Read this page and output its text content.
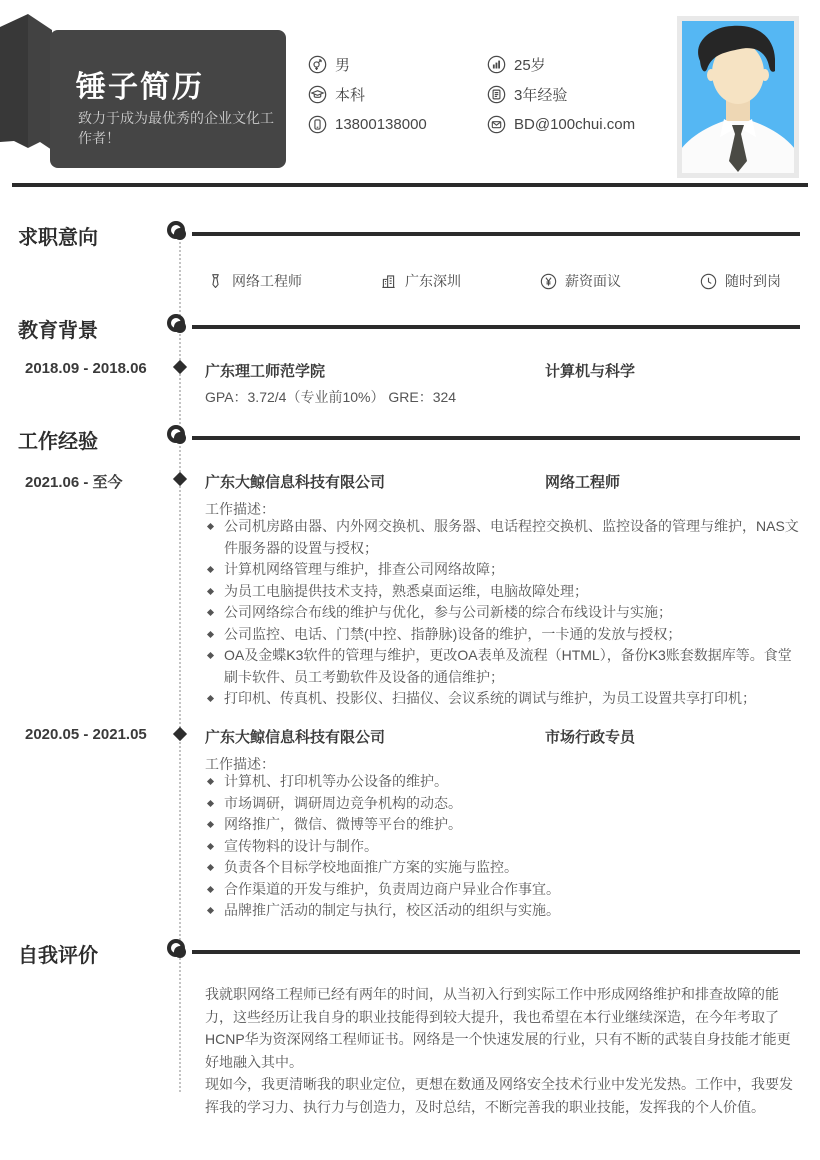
锤子简历
致力于成为最优秀的企业文化工作者！
男
本科
13800138000
25岁
3年经验
BD@100chui.com
求职意向
网络工程师	广东深圳	薪资面议	随时到岗
教育背景
2018.09 - 2018.06	广东理工师范学院	计算机与科学
GPA：3.72/4（专业前10%） GRE：324
工作经验
2021.06 - 至今	广东大鲸信息科技有限公司	网络工程师
工作描述：
公司机房路由器、内外网交换机、服务器、电话程控交换机、监控设备的管理与维护，NAS文件服务器的设置与授权；
计算机网络管理与维护，排查公司网络故障；
为员工电脑提供技术支持，熟悉桌面运维，电脑故障处理；
公司网络综合布线的维护与优化，参与公司新楼的综合布线设计与实施；
公司监控、电话、门禁(中控、指静脉)设备的维护，一卡通的发放与授权；
OA及金蝶K3软件的管理与维护，更改OA表单及流程（HTML），备份K3账套数据库等。食堂刷卡软件、员工考勤软件及设备的通信维护；
打印机、传真机、投影仪、扫描仪、会议系统的调试与维护，为员工设置共享打印机；
2020.05 - 2021.05	广东大鲸信息科技有限公司	市场行政专员
工作描述：
计算机、打印机等办公设备的维护。
市场调研，调研周边竞争机构的动态。
网络推广，微信、微博等平台的维护。
宣传物料的设计与制作。
负责各个目标学校地面推广方案的实施与监控。
合作渠道的开发与维护，负责周边商户异业合作事宜。
品牌推广活动的制定与执行，校区活动的组织与实施。
自我评价
我就职网络工程师已经有两年的时间，从当初入行到实际工作中形成网络维护和排查故障的能力，这些经历让我自身的职业技能得到较大提升，我也希望在本行业继续深造，在今年考取了HCNP华为资深网络工程师证书。网络是一个快速发展的行业，只有不断的武装自身技能才能更好地融入其中。
现如今，我更清晰我的职业定位，更想在数通及网络安全技术行业中发光发热。工作中，我要发挥我的学习力、执行力与创造力，及时总结，不断完善我的职业技能，发挥我的个人价值。
